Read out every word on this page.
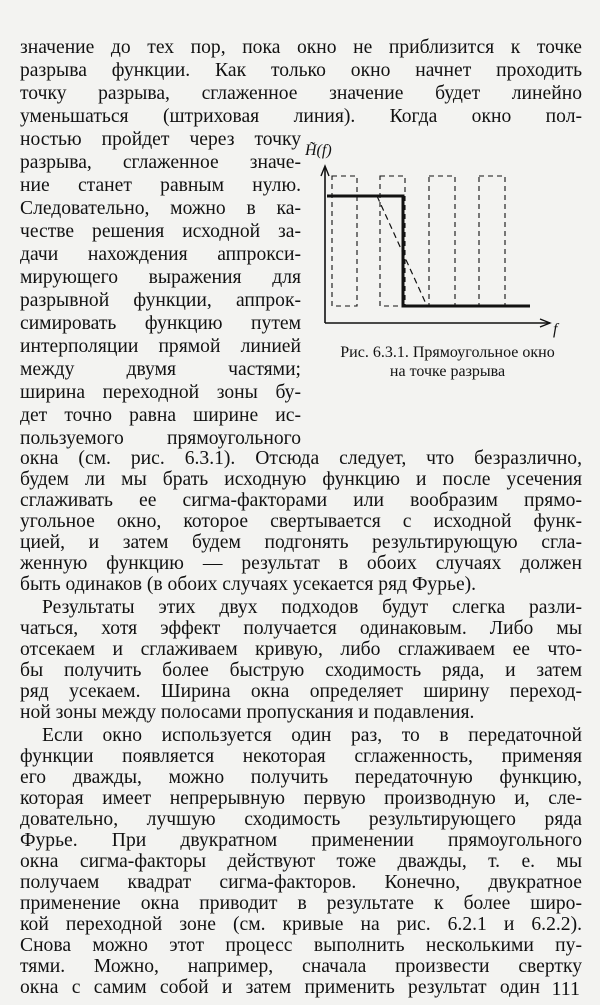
значение до тех пор, пока окно не приблизится к точке
разрыва функции. Как только окно начнет проходить
точку разрыва, сглаженное значение будет линейно
уменьшаться (штриховая линия). Когда окно пол-
ностью пройдет через точку
разрыва, сглаженное значе-
ние станет равным нулю.
Следовательно, можно в ка-
честве решения исходной за-
дачи нахождения аппрокси-
мирующего выражения для
разрывной функции, аппрок-
симировать функцию путем
интерполяции прямой линией
между двумя частями;
ширина переходной зоны бу-
дет точно равна ширине ис-
пользуемого прямоугольного
окна (см. рис. 6.3.1). Отсюда следует, что безразлично,
будем ли мы брать исходную функцию и после усечения
сглаживать ее сигма-факторами или вообразим прямо-
угольное окно, которое свертывается с исходной функ-
цией, и затем будем подгонять результирующую сгла-
женную функцию — результат в обоих случаях должен
быть одинаков (в обоих случаях усекается ряд Фурье).
Результаты этих двух подходов будут слегка разли-
чаться, хотя эффект получается одинаковым. Либо мы
отсекаем и сглаживаем кривую, либо сглаживаем ее что-
бы получить более быструю сходимость ряда, и затем
ряд усекаем. Ширина окна определяет ширину переход-
ной зоны между полосами пропускания и подавления.
Если окно используется один раз, то в передаточной
функции появляется некоторая сглаженность, применяя
его дважды, можно получить передаточную функцию,
которая имеет непрерывную первую производную и, сле-
довательно, лучшую сходимость результирующего ряда
Фурье. При двукратном применении прямоугольного
окна сигма-факторы действуют тоже дважды, т. е. мы
получаем квадрат сигма-факторов. Конечно, двукратное
применение окна приводит в результате к более широ-
кой переходной зоне (см. кривые на рис. 6.2.1 и 6.2.2).
Снова можно этот процесс выполнить несколькими пу-
тями. Можно, например, сначала произвести свертку
окна с самим собой и затем применить результат один
H̃(f)
f
Рис. 6.3.1. Прямоугольное окно
на точке разрыва
111
